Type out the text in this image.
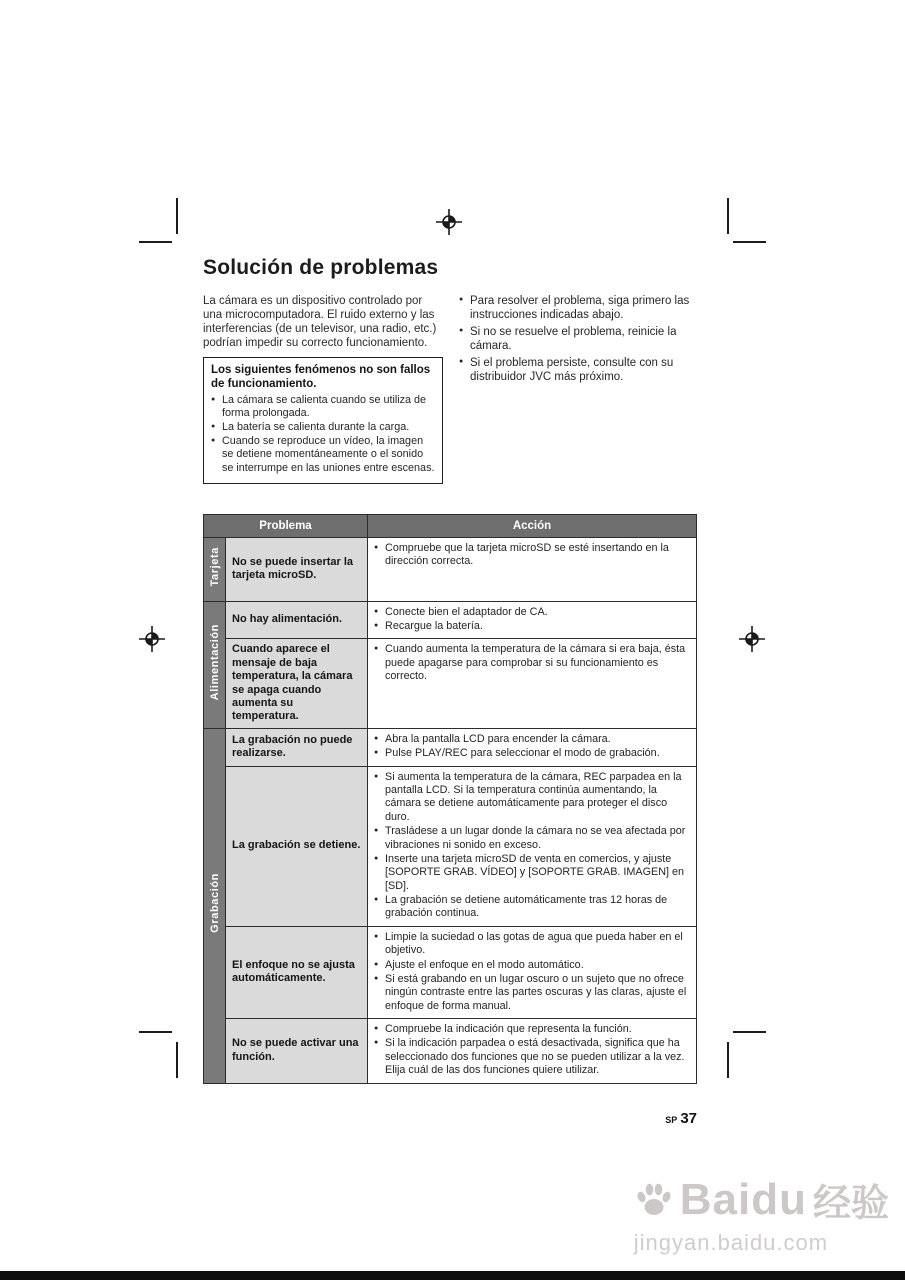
Solución de problemas

La cámara es un dispositivo controlado por una microcomputadora. El ruido externo y las interferencias (de un televisor, una radio, etc.) podrían impedir su correcto funcionamiento.

Los siguientes fenómenos no son fallos de funcionamiento.

● La cámara se calienta cuando se utiliza de forma prolongada.
● La batería se calienta durante la carga.
● Cuando se reproduce un vídeo, la imagen se detiene momentáneamente o el sonido se interrumpe en las uniones entre escenas.
● Para resolver el problema, siga primero las instrucciones indicadas abajo.
● Si no se resuelve el problema, reinicie la cámara.
● Si el problema persiste, consulte con su distribuidor JVC más próximo.
Problema		Acción
Tarjeta	No se puede insertar la tarjeta microSD.	
● Compruebe que la tarjeta microSD se esté insertando en la dirección correcta.

Alimentación	No hay alimentación.	
● Conecte bien el adaptador de CA.
● Recargue la batería.

Cuando aparece el mensaje de baja temperatura, la cámara se apaga cuando aumenta su temperatura.	
● Cuando aumenta la temperatura de la cámara si era baja, ésta puede apagarse para comprobar si su funcionamiento es correcto.

Grabación	La grabación no puede realizarse.	
● Abra la pantalla LCD para encender la cámara.
● Pulse PLAY/REC para seleccionar el modo de grabación.

La grabación se detiene.	
● Si aumenta la temperatura de la cámara, REC parpadea en la pantalla LCD. Si la temperatura continúa aumentando, la cámara se detiene automáticamente para proteger el disco duro.
● Trasládese a un lugar donde la cámara no se vea afectada por vibraciones ni sonido en exceso.
● Inserte una tarjeta microSD de venta en comercios, y ajuste [SOPORTE GRAB. VÍDEO] y [SOPORTE GRAB. IMAGEN] en [SD].
● La grabación se detiene automáticamente tras 12 horas de grabación continua.

El enfoque no se ajusta automáticamente.	
● Limpie la suciedad o las gotas de agua que pueda haber en el objetivo.
● Ajuste el enfoque en el modo automático.
● Si está grabando en un lugar oscuro o un sujeto que no ofrece ningún contraste entre las partes oscuras y las claras, ajuste el enfoque de forma manual.

No se puede activar una función.	
● Compruebe la indicación que representa la función.
● Si la indicación parpadea o está desactivada, significa que ha seleccionado dos funciones que no se pueden utilizar a la vez. Elija cuál de las dos funciones quiere utilizar.
SP 37
Baidu 经验
jingyan.baidu.com
